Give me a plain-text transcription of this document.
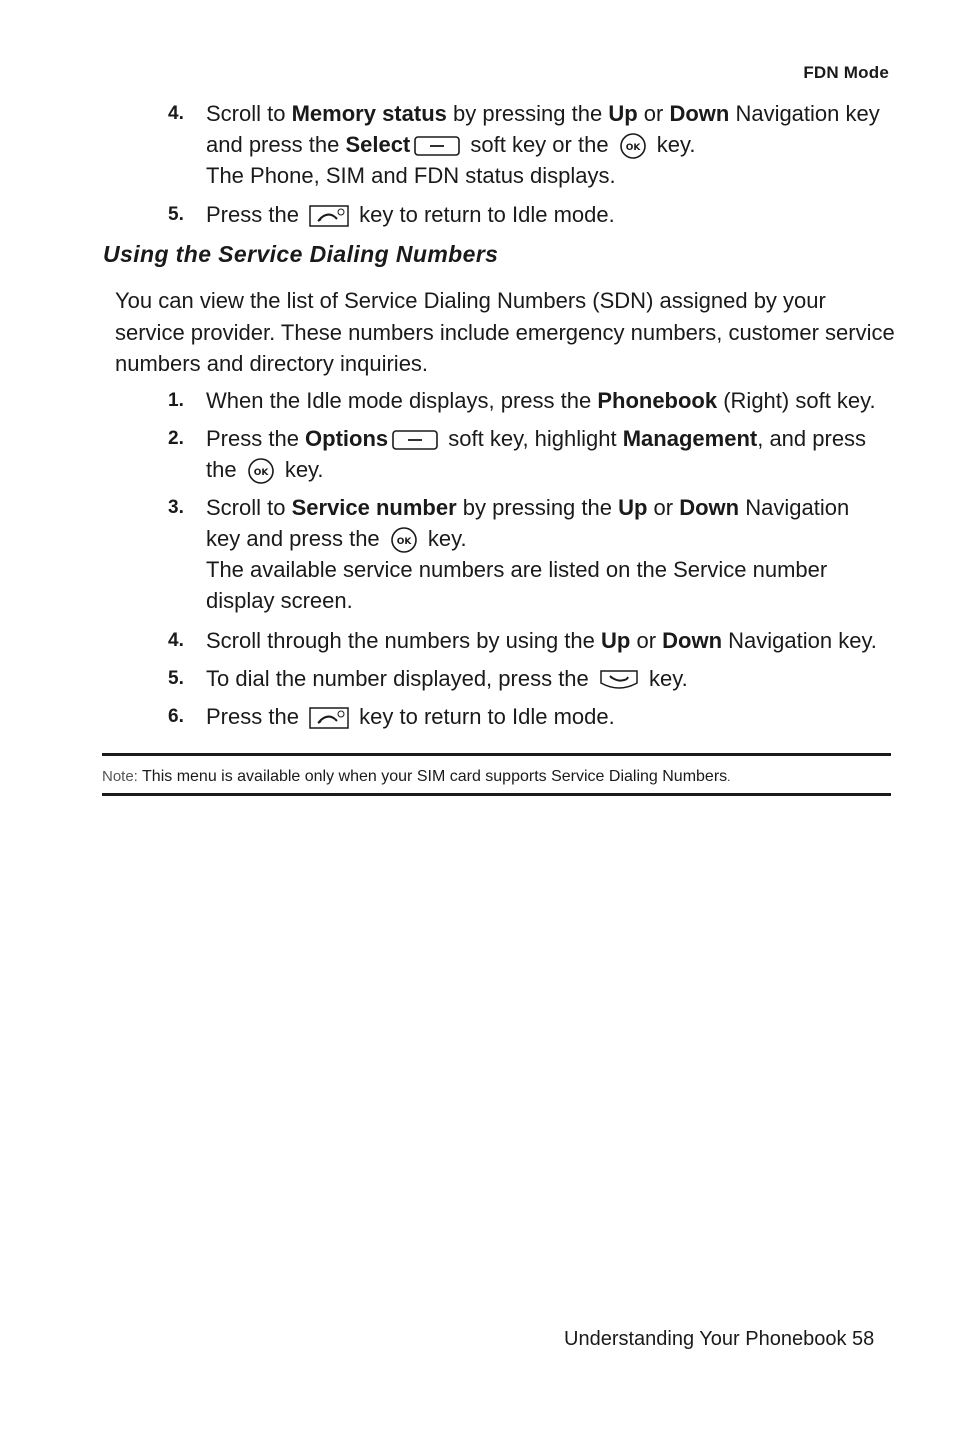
FDN Mode
4.	Scroll to Memory status by pressing the Up or Down Navigation key and press the Select
soft key or the OK key.

The Phone, SIM and FDN status displays.

5.	Press the
key to return to Idle mode.

Using the Service Dialing Numbers

You can view the list of Service Dialing Numbers (SDN) assigned by your service provider. These numbers include emergency numbers, customer service numbers and directory inquiries.

1.	When the Idle mode displays, press the Phonebook (Right) soft key.

2.	Press the Options
soft key, highlight Management, and press the OK key.

3.	Scroll to Service number by pressing the Up or Down Navigation key and press the OK key.

The available service numbers are listed on the Service number display screen.

4.	Scroll through the numbers by using the Up or Down Navigation key.

5.	To dial the number displayed, press the
key.

6.	Press the
key to return to Idle mode.

Note: This menu is available only when your SIM card supports Service Dialing Numbers.
Understanding Your Phonebook 58
